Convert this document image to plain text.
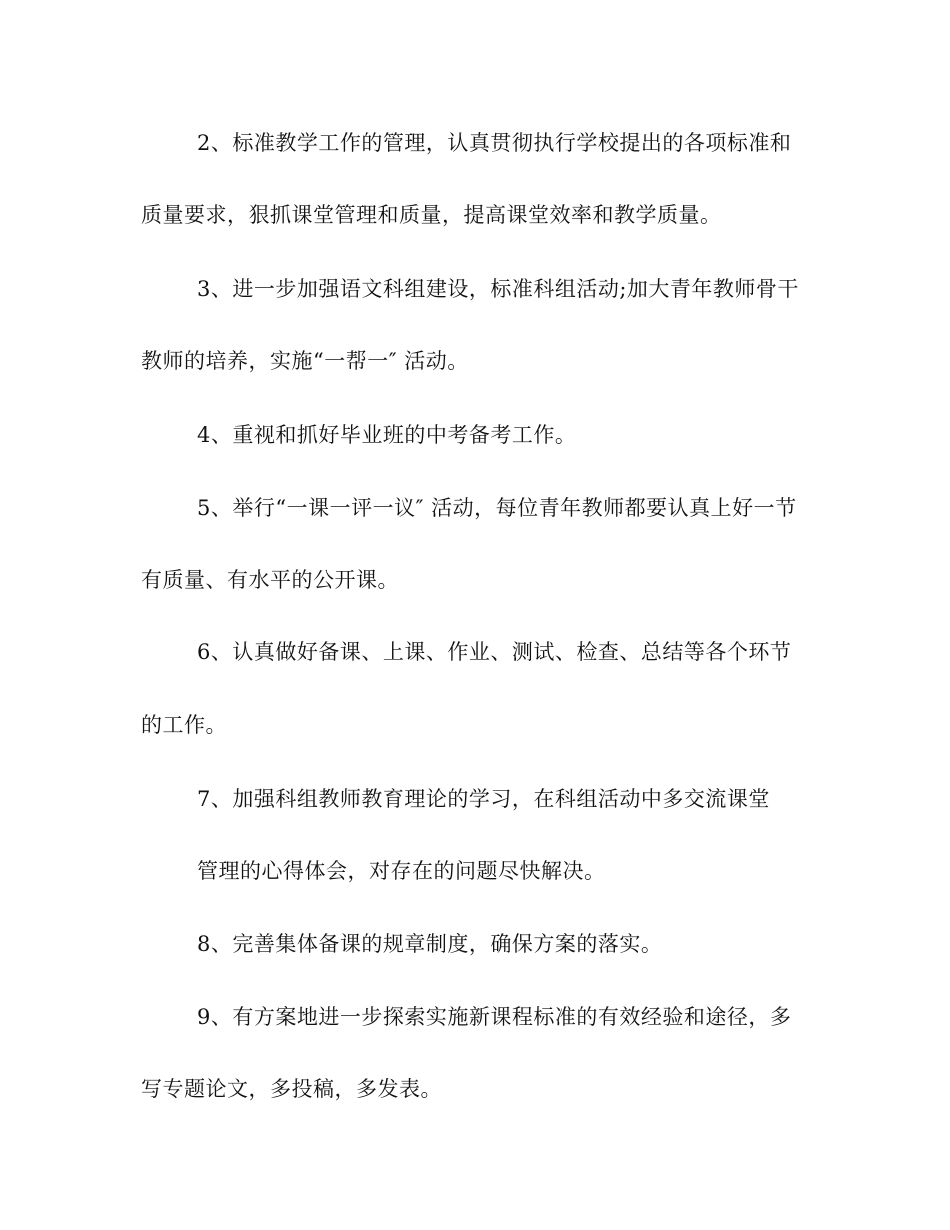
2、标准教学工作的管理，认真贯彻执行学校提出的各项标准和
质量要求，狠抓课堂管理和质量，提高课堂效率和教学质量。
3、进一步加强语文科组建设，标准科组活动;加大青年教师骨干
教师的培养，实施“一帮一″ 活动。
4、重视和抓好毕业班的中考备考工作。
5、举行“一课一评一议″ 活动，每位青年教师都要认真上好一节
有质量、有水平的公开课。
6、认真做好备课、上课、作业、测试、检查、总结等各个环节
的工作。
7、加强科组教师教育理论的学习，在科组活动中多交流课堂
管理的心得体会，对存在的问题尽快解决。
8、完善集体备课的规章制度，确保方案的落实。
9、有方案地进一步探索实施新课程标准的有效经验和途径，多
写专题论文，多投稿，多发表。
